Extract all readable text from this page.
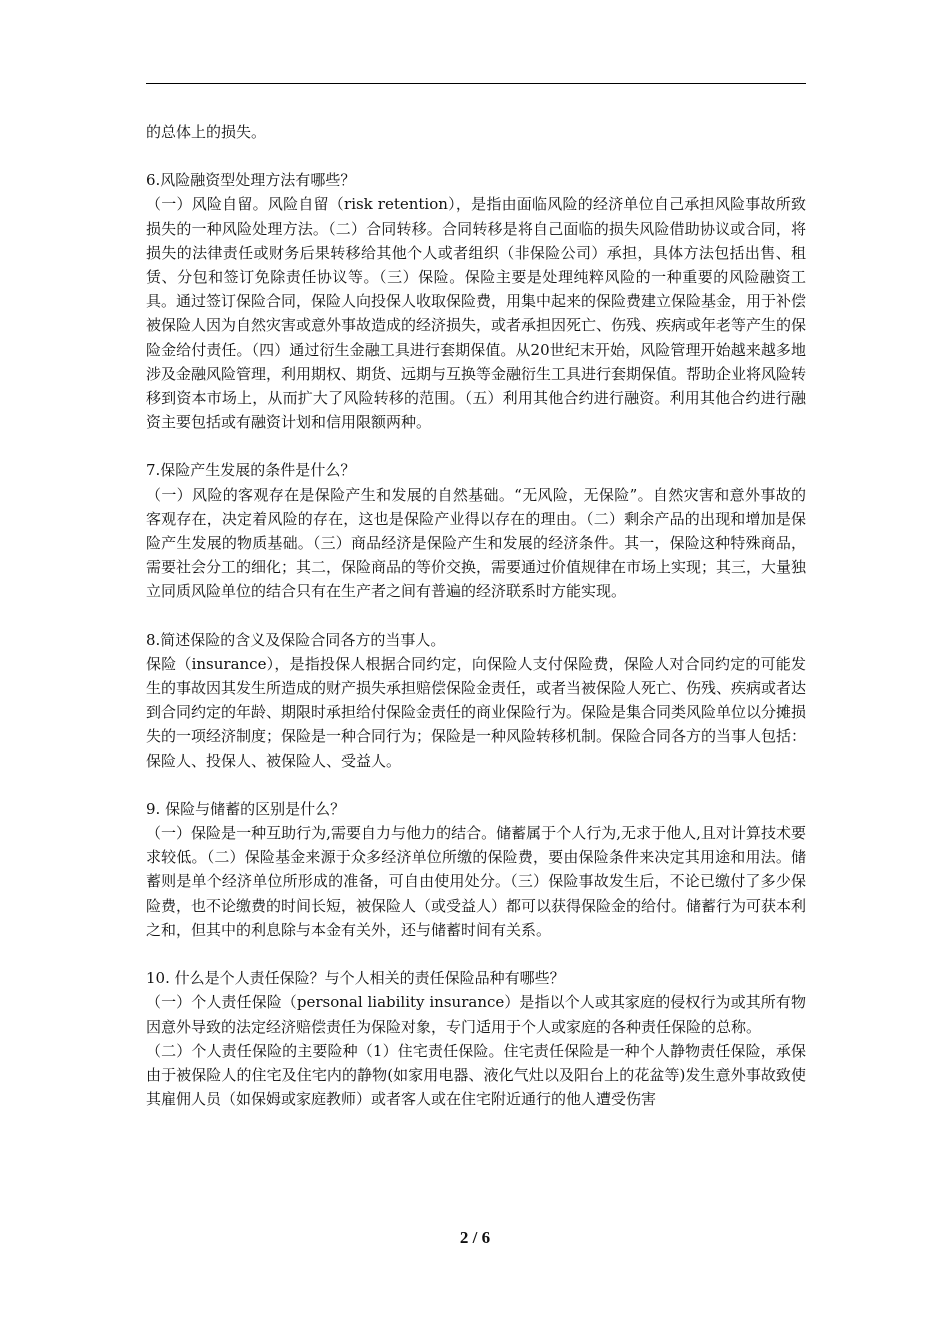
的总体上的损失。

6.风险融资型处理方法有哪些？

（一）风险自留。风险自留（risk retention），是指由面临风险的经济单位自己承担风险事故所致损失的一种风险处理方法。（二）合同转移。合同转移是将自己面临的损失风险借助协议或合同，将损失的法律责任或财务后果转移给其他个人或者组织（非保险公司）承担，具体方法包括出售、租赁、分包和签订免除责任协议等。（三）保险。保险主要是处理纯粹风险的一种重要的风险融资工具。通过签订保险合同，保险人向投保人收取保险费，用集中起来的保险费建立保险基金，用于补偿被保险人因为自然灾害或意外事故造成的经济损失，或者承担因死亡、伤残、疾病或年老等产生的保险金给付责任。（四）通过衍生金融工具进行套期保值。从20世纪末开始，风险管理开始越来越多地涉及金融风险管理，利用期权、期货、远期与互换等金融衍生工具进行套期保值。帮助企业将风险转移到资本市场上，从而扩大了风险转移的范围。（五）利用其他合约进行融资。利用其他合约进行融资主要包括或有融资计划和信用限额两种。

7.保险产生发展的条件是什么？

（一）风险的客观存在是保险产生和发展的自然基础。“无风险，无保险”。自然灾害和意外事故的客观存在，决定着风险的存在，这也是保险产业得以存在的理由。（二）剩余产品的出现和增加是保险产生发展的物质基础。（三）商品经济是保险产生和发展的经济条件。其一，保险这种特殊商品，需要社会分工的细化；其二，保险商品的等价交换，需要通过价值规律在市场上实现；其三，大量独立同质风险单位的结合只有在生产者之间有普遍的经济联系时方能实现。

8.简述保险的含义及保险合同各方的当事人。

保险（insurance），是指投保人根据合同约定，向保险人支付保险费，保险人对合同约定的可能发生的事故因其发生所造成的财产损失承担赔偿保险金责任，或者当被保险人死亡、伤残、疾病或者达到合同约定的年龄、期限时承担给付保险金责任的商业保险行为。保险是集合同类风险单位以分摊损失的一项经济制度；保险是一种合同行为；保险是一种风险转移机制。保险合同各方的当事人包括：保险人、投保人、被保险人、受益人。

9. 保险与储蓄的区别是什么？

（一）保险是一种互助行为,需要自力与他力的结合。储蓄属于个人行为,无求于他人,且对计算技术要求较低。（二）保险基金来源于众多经济单位所缴的保险费，要由保险条件来决定其用途和用法。储蓄则是单个经济单位所形成的准备，可自由使用处分。（三）保险事故发生后，不论已缴付了多少保险费，也不论缴费的时间长短，被保险人（或受益人）都可以获得保险金的给付。储蓄行为可获本利之和，但其中的利息除与本金有关外，还与储蓄时间有关系。

10. 什么是个人责任保险？与个人相关的责任保险品种有哪些？

（一）个人责任保险（personal liability insurance）是指以个人或其家庭的侵权行为或其所有物因意外导致的法定经济赔偿责任为保险对象，专门适用于个人或家庭的各种责任保险的总称。

（二）个人责任保险的主要险种（1）住宅责任保险。住宅责任保险是一种个人静物责任保险，承保由于被保险人的住宅及住宅内的静物(如家用电器、液化气灶以及阳台上的花盆等)发生意外事故致使其雇佣人员（如保姆或家庭教师）或者客人或在住宅附近通行的他人遭受伤害

2 / 6
